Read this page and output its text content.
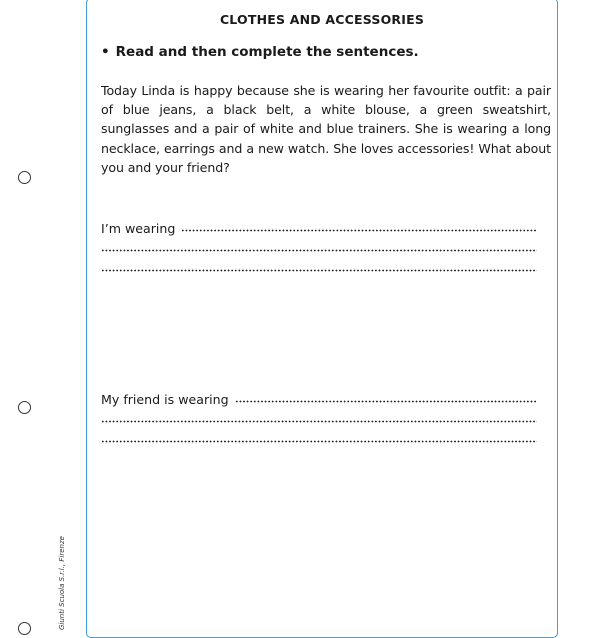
Giunti Scuola S.r.l., Firenze
CLOTHES AND ACCESSORIES
• Read and then complete the sentences.
Today Linda is happy because she is wearing her favourite outfit: a pair of blue jeans, a black belt, a white blouse, a green sweatshirt, sunglasses and a pair of white and blue trainers. She is wearing a long necklace, earrings and a new watch. She loves accessories! What about you and your friend?
I’m wearing
My friend is wearing
